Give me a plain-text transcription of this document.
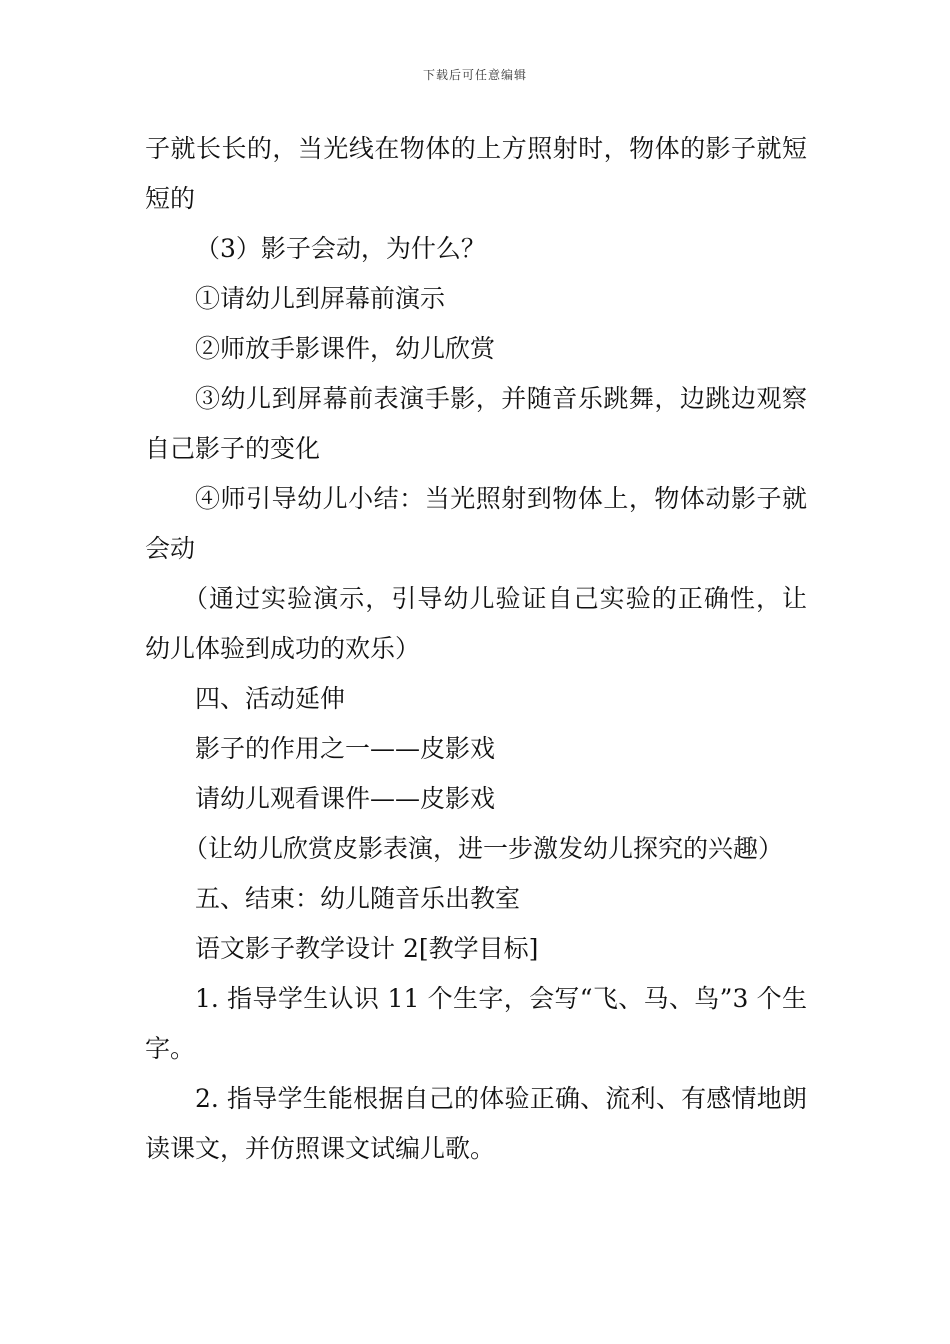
下载后可任意编辑

子就长长的，当光线在物体的上方照射时，物体的影子就短短的

（3）影子会动，为什么？

①请幼儿到屏幕前演示

②师放手影课件，幼儿欣赏

③幼儿到屏幕前表演手影，并随音乐跳舞，边跳边观察自己影子的变化

④师引导幼儿小结：当光照射到物体上，物体动影子就会动

（通过实验演示，引导幼儿验证自己实验的正确性，让幼儿体验到成功的欢乐）

四、活动延伸

影子的作用之一——皮影戏

请幼儿观看课件——皮影戏

（让幼儿欣赏皮影表演，进一步激发幼儿探究的兴趣）

五、结束：幼儿随音乐出教室

语文影子教学设计 2[教学目标]

1. 指导学生认识 11 个生字，会写“飞、马、鸟”3 个生字。

2. 指导学生能根据自己的体验正确、流利、有感情地朗读课文，并仿照课文试编儿歌。
